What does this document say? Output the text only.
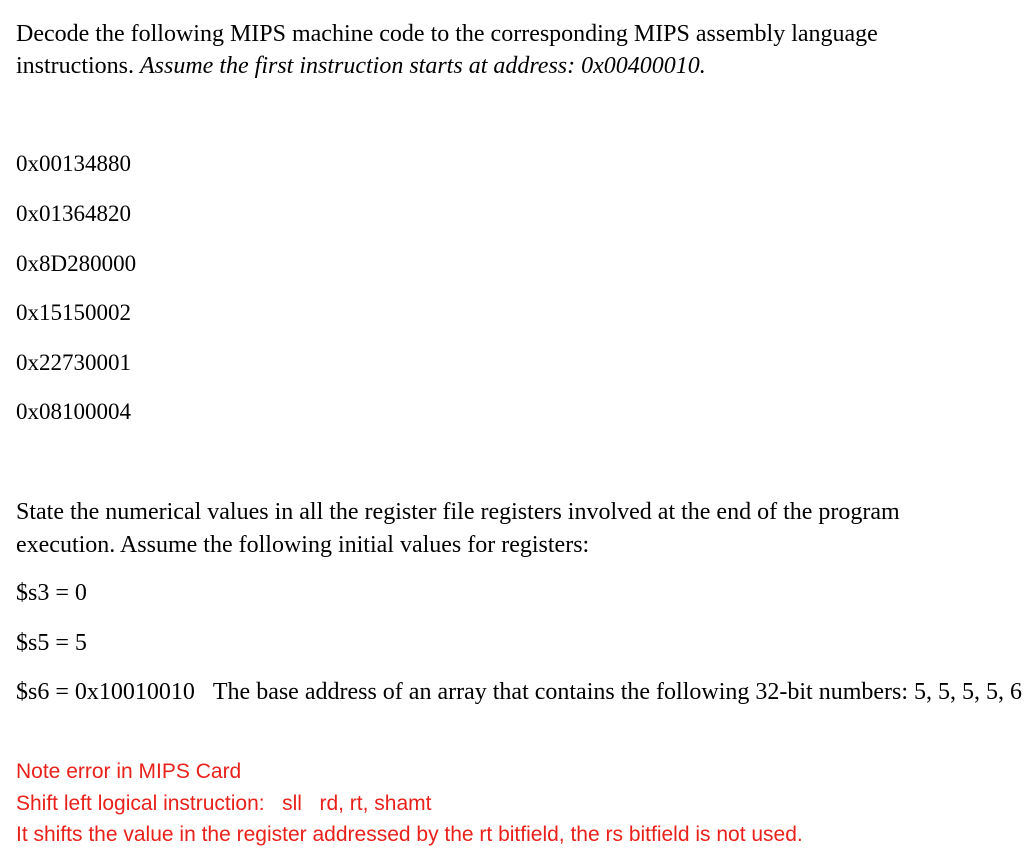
Decode the following MIPS machine code to the corresponding MIPS assembly language
instructions. Assume the first instruction starts at address: 0x00400010.
0x00134880
0x01364820
0x8D280000
0x15150002
0x22730001
0x08100004
State the numerical values in all the register file registers involved at the end of the program
execution. Assume the following initial values for registers:
$s3 = 0
$s5 = 5
$s6 = 0x10010010 The base address of an array that contains the following 32-bit numbers: 5, 5, 5, 5, 6
Note error in MIPS Card
Shift left logical instruction:   sll   rd, rt, shamt
It shifts the value in the register addressed by the rt bitfield, the rs bitfield is not used.
